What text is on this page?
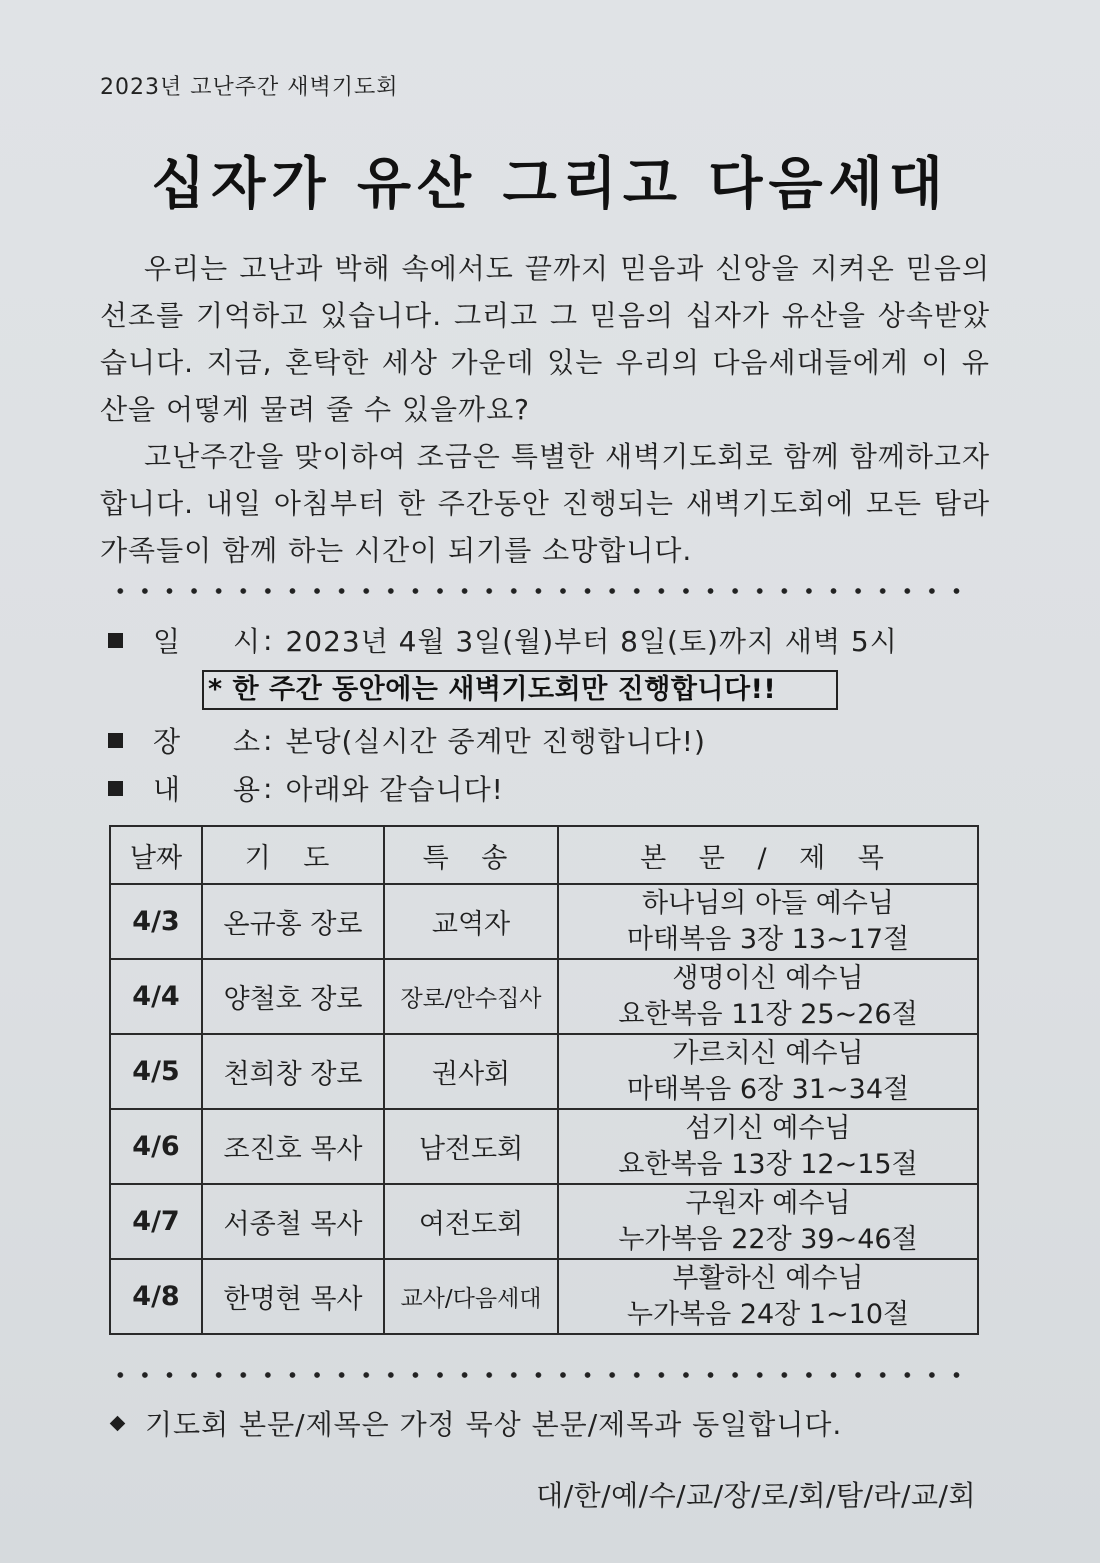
2023년 고난주간 새벽기도회
십자가 유산 그리고 다음세대

우리는 고난과 박해 속에서도 끝까지 믿음과 신앙을 지켜온 믿음의 선조를 기억하고 있습니다. 그리고 그 믿음의 십자가 유산을 상속받았습니다. 지금, 혼탁한 세상 가운데 있는 우리의 다음세대들에게 이 유산을 어떻게 물려 줄 수 있을까요?

고난주간을 맞이하여 조금은 특별한 새벽기도회로 함께 함께하고자 합니다. 내일 아침부터 한 주간동안 진행되는 새벽기도회에 모든 탐라 가족들이 함께 하는 시간이 되기를 소망합니다.

일 시 : 2023년 4월 3일(월)부터 8일(토)까지 새벽 5시
* 한 주간 동안에는 새벽기도회만 진행합니다!!
장 소 : 본당(실시간 중계만 진행합니다!)
내 용 : 아래와 같습니다!
날짜	기 도	특 송	본 문 / 제 목
4/3	온규홍 장로	교역자	하나님의 아들 예수님
마태복음 3장 13~17절

4/4	양철호 장로	장로/안수집사	생명이신 예수님
요한복음 11장 25~26절

4/5	천희창 장로	권사회	가르치신 예수님
마태복음 6장 31~34절

4/6	조진호 목사	남전도회	섬기신 예수님
요한복음 13장 12~15절

4/7	서종철 목사	여전도회	구원자 예수님
누가복음 22장 39~46절

4/8	한명현 목사	교사/다음세대	부활하신 예수님
누가복음 24장 1~10절
기도회 본문/제목은 가정 묵상 본문/제목과 동일합니다.
대/한/예/수/교/장/로/회/탐/라/교/회
